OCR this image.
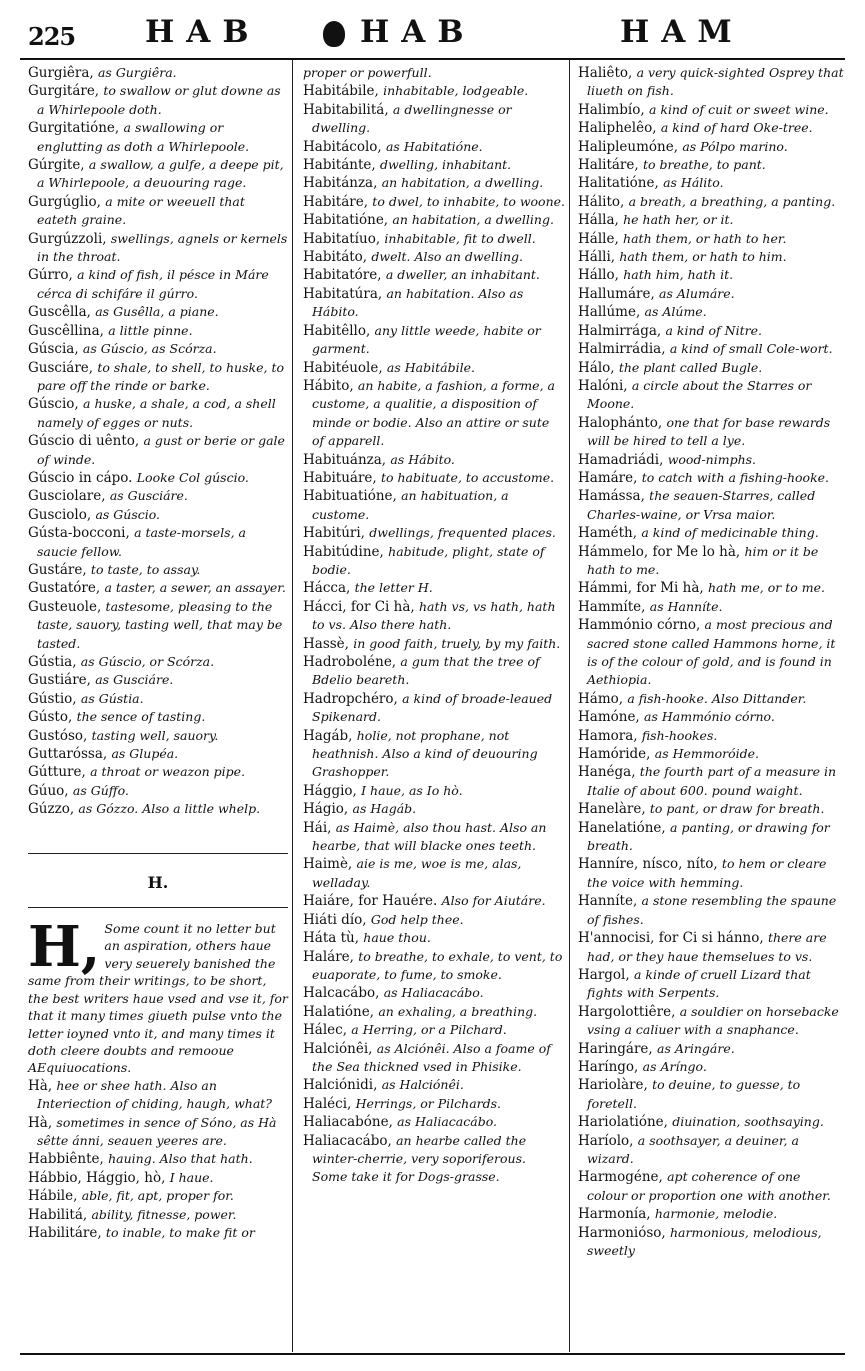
225 HAB	HAB	HAM

Gurgiêra, as Gurgiêra.

Gurgitáre, to swallow or glut downe as a Whirlepoole doth.

Gurgitatióne, a swallowing or englutting as doth a Whirlepoole.

Gúrgite, a swallow, a gulfe, a deepe pit, a Whirlepoole, a deuouring rage.

Gurgúglio, a mite or weeuell that eateth graine.

Gurgúzzoli, swellings, agnels or kernels in the throat.

Gúrro, a kind of fish, il pésce in Máre cérca di schifáre il gúrro.

Guscêlla, as Gusêlla, a piane.

Guscêllina, a little pinne.

Gúscia, as Gúscio, as Scórza.

Gusciáre, to shale, to shell, to huske, to pare off the rinde or barke.

Gúscio, a huske, a shale, a cod, a shell namely of egges or nuts.

Gúscio di uênto, a gust or berie or gale of winde.

Gúscio in cápo. Looke Col gúscio.

Gusciolare, as Gusciáre.

Gusciolo, as Gúscio.

Gústa-bocconi, a taste-morsels, a saucie fellow.

Gustáre, to taste, to assay.

Gustatóre, a taster, a sewer, an assayer.

Gusteuole, tastesome, pleasing to the taste, sauory, tasting well, that may be tasted.

Gústia, as Gúscio, or Scórza.

Gustiáre, as Gusciáre.

Gústio, as Gústia.

Gústo, the sence of tasting.

Gustóso, tasting well, sauory.

Guttaróssa, as Glupéa.

Gútture, a throat or weazon pipe.

Gúuo, as Gúffo.

Gúzzo, as Gózzo. Also a little whelp.

H.
H, Some count it no letter but an aspiration, others haue very seuerely banished the same from their writings, to be short, the best writers haue vsed and vse it, for that it many times giueth pulse vnto the letter ioyned vnto it, and many times it doth cleere doubts and remooue AEquiuocations.

Hà, hee or shee hath. Also an Interiection of chiding, haugh, what?

Hà, sometimes in sence of Sóno, as Hà sêtte ánni, seauen yeeres are.

Habbiênte, hauing. Also that hath.

Hábbio, Hággio, hò, I haue.

Hábile, able, fit, apt, proper for.

Habilitá, ability, fitnesse, power.

Habilitáre, to inable, to make fit or

proper or powerfull.

Habitábile, inhabitable, lodgeable.

Habitabilitá, a dwellingnesse or dwelling.

Habitácolo, as Habitatióne.

Habitánte, dwelling, inhabitant.

Habitánza, an habitation, a dwelling.

Habitáre, to dwel, to inhabite, to woone.

Habitatióne, an habitation, a dwelling.

Habitatíuo, inhabitable, fit to dwell.

Habitáto, dwelt. Also an dwelling.

Habitatóre, a dweller, an inhabitant.

Habitatúra, an habitation. Also as Hábito.

Habitêllo, any little weede, habite or garment.

Habitéuole, as Habitábile.

Hábito, an habite, a fashion, a forme, a custome, a qualitie, a disposition of minde or bodie. Also an attire or sute of apparell.

Habituánza, as Hábito.

Habituáre, to habituate, to accustome.

Habituatióne, an habituation, a custome.

Habitúri, dwellings, frequented places.

Habitúdine, habitude, plight, state of bodie.

Hácca, the letter H.

Hácci, for Ci hà, hath vs, vs hath, hath to vs. Also there hath.

Hassè, in good faith, truely, by my faith.

Hadroboléne, a gum that the tree of Bdelio beareth.

Hadropchéro, a kind of broade-leaued Spikenard.

Hagáb, holie, not prophane, not heathnish. Also a kind of deuouring Grashopper.

Hággio, I haue, as Io hò.

Hágio, as Hagáb.

Hái, as Haimè, also thou hast. Also an hearbe, that will blacke ones teeth.

Haimè, aie is me, woe is me, alas, welladay.

Haiáre, for Hauére. Also for Aiutáre.

Hiáti dío, God help thee.

Háta tù, haue thou.

Haláre, to breathe, to exhale, to vent, to euaporate, to fume, to smoke.

Halcacábo, as Haliacacábo.

Halatióne, an exhaling, a breathing.

Hálec, a Herring, or a Pilchard.

Halciónêi, as Alciónêi. Also a foame of the Sea thickned vsed in Phisike.

Halciónidi, as Halciónêi.

Haléci, Herrings, or Pilchards.

Haliacabóne, as Haliacacábo.

Haliacacábo, an hearbe called the winter-cherrie, very soporiferous. Some take it for Dogs-grasse.

Haliêto, a very quick-sighted Osprey that liueth on fish.

Halimbío, a kind of cuit or sweet wine.

Haliphelêo, a kind of hard Oke-tree.

Halipleumóne, as Pólpo marino.

Halitáre, to breathe, to pant.

Halitatióne, as Hálito.

Hálito, a breath, a breathing, a panting.

Hálla, he hath her, or it.

Hálle, hath them, or hath to her.

Hálli, hath them, or hath to him.

Hállo, hath him, hath it.

Hallumáre, as Alumáre.

Hallúme, as Alúme.

Halmirrága, a kind of Nitre.

Halmirrádia, a kind of small Cole-wort.

Hálo, the plant called Bugle.

Halóni, a circle about the Starres or Moone.

Halophánto, one that for base rewards will be hired to tell a lye.

Hamadriádi, wood-nimphs.

Hamáre, to catch with a fishing-hooke.

Hamássa, the seauen-Starres, called Charles-waine, or Vrsa maior.

Haméth, a kind of medicinable thing.

Hámmelo, for Me lo hà, him or it be hath to me.

Hámmi, for Mi hà, hath me, or to me.

Hammíte, as Hanníte.

Hammónio córno, a most precious and sacred stone called Hammons horne, it is of the colour of gold, and is found in Aethiopia.

Hámo, a fish-hooke. Also Dittander.

Hamóne, as Hammónio córno.

Hamora, fish-hookes.

Hamóride, as Hemmoróide.

Hanéga, the fourth part of a measure in Italie of about 600. pound waight.

Hanelàre, to pant, or draw for breath.

Hanelatióne, a panting, or drawing for breath.

Hanníre, nísco, níto, to hem or cleare the voice with hemming.

Hanníte, a stone resembling the spaune of fishes.

H'annocisi, for Ci si hánno, there are had, or they haue themselues to vs.

Hargol, a kinde of cruell Lizard that fights with Serpents.

Hargolottiêre, a souldier on horsebacke vsing a caliuer with a snaphance.

Haringáre, as Aringáre.

Haríngo, as Aríngo.

Hariolàre, to deuine, to guesse, to foretell.

Hariolatióne, diuination, soothsaying.

Haríolo, a soothsayer, a deuiner, a wizard.

Harmogéne, apt coherence of one colour or proportion one with another.

Harmonía, harmonie, melodie.

Harmonióso, harmonious, melodious, sweetly
